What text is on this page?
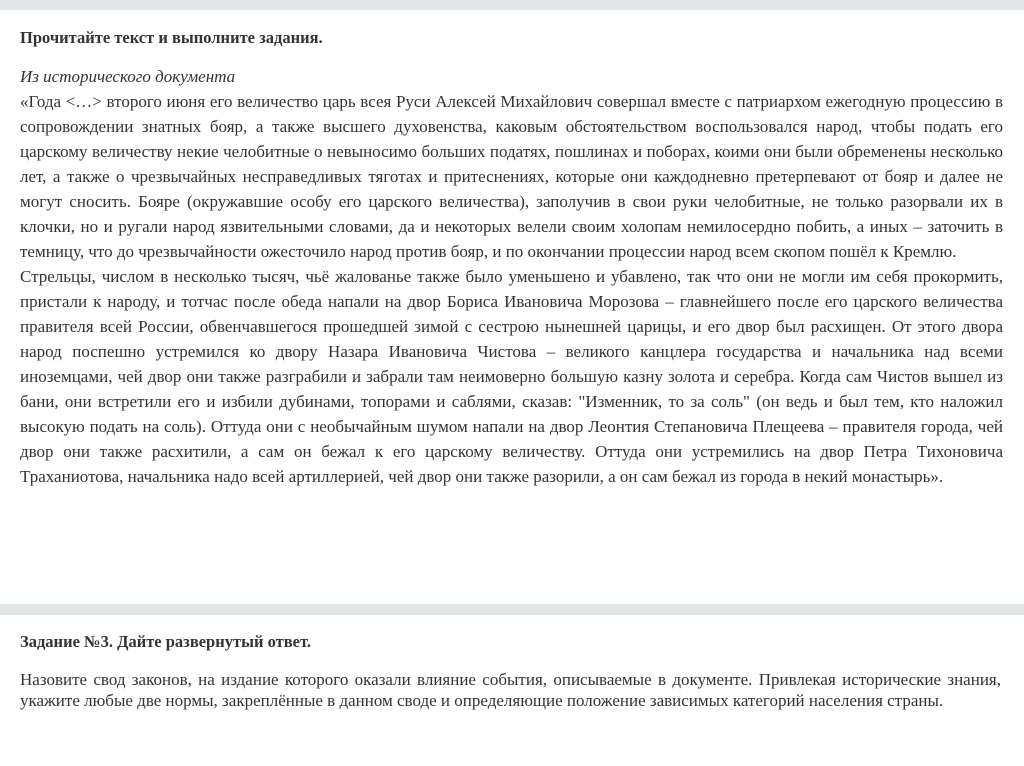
Прочитайте текст и выполните задания.

Из исторического документа

«Года <…> второго июня его величество царь всея Руси Алексей Михайлович совершал вместе с патриархом ежегодную процессию в сопровождении знатных бояр, а также высшего духовенства, каковым обстоятельством воспользовался народ, чтобы подать его царскому величеству некие челобитные о невыносимо больших податях, пошлинах и поборах, коими они были обременены несколько лет, а также о чрезвычайных несправедливых тяготах и притеснениях, которые они каждодневно претерпевают от бояр и далее не могут сносить. Бояре (окружавшие особу его царского величества), заполучив в свои руки челобитные, не только разорвали их в клочки, но и ругали народ язвительными словами, да и некоторых велели своим холопам немилосердно побить, а иных – заточить в темницу, что до чрезвычайности ожесточило народ против бояр, и по окончании процессии народ всем скопом пошёл к Кремлю.

Стрельцы, числом в несколько тысяч, чьё жалованье также было уменьшено и убавлено, так что они не могли им себя прокормить, пристали к народу, и тотчас после обеда напали на двор Бориса Ивановича Морозова – главнейшего после его царского величества правителя всей России, обвенчавшегося прошедшей зимой с сестрою нынешней царицы, и его двор был расхищен. От этого двора народ поспешно устремился ко двору Назара Ивановича Чистова – великого канцлера государства и начальника над всеми иноземцами, чей двор они также разграбили и забрали там неимоверно большую казну золота и серебра. Когда сам Чистов вышел из бани, они встретили его и избили дубинами, топорами и саблями, сказав: "Изменник, то за соль" (он ведь и был тем, кто наложил высокую подать на соль). Оттуда они с необычайным шумом напали на двор Леонтия Степановича Плещеева – правителя города, чей двор они также расхитили, а сам он бежал к его царскому величеству. Оттуда они устремились на двор Петра Тихоновича Траханиотова, начальника надо всей артиллерией, чей двор они также разорили, а он сам бежал из города в некий монастырь».

Задание №3. Дайте развернутый ответ.

Назовите свод законов, на издание которого оказали влияние события, описываемые в документе. Привлекая исторические знания, укажите любые две нормы, закреплённые в данном своде и определяющие положение зависимых категорий населения страны.
